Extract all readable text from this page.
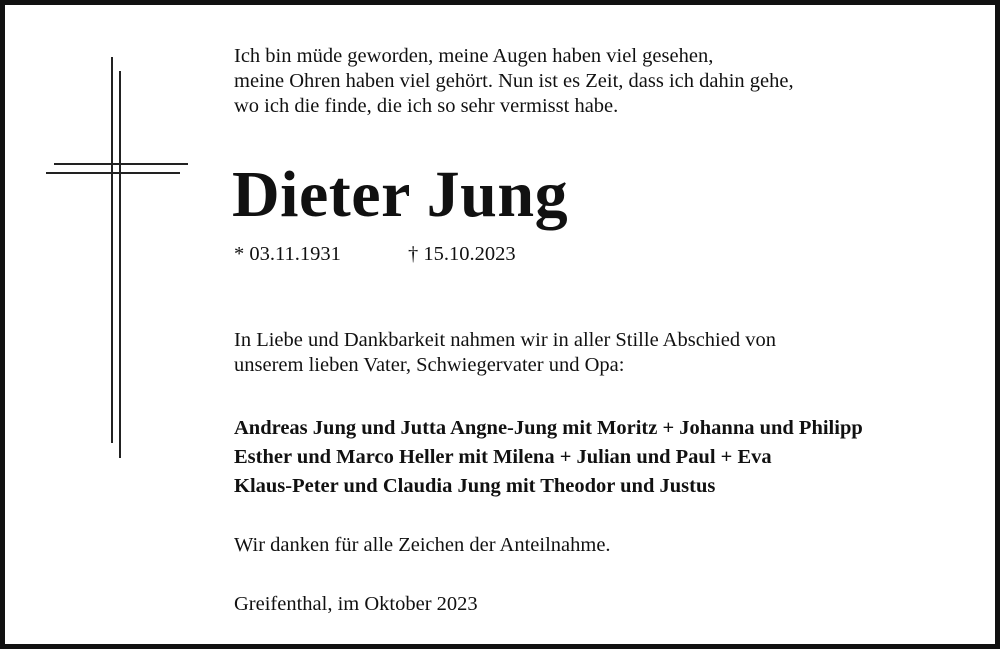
Ich bin müde geworden, meine Augen haben viel gesehen,
meine Ohren haben viel gehört. Nun ist es Zeit, dass ich dahin gehe,
wo ich die finde, die ich so sehr vermisst habe.
Dieter Jung
* 03.11.1931	† 15.10.2023
In Liebe und Dankbarkeit nahmen wir in aller Stille Abschied von
unserem lieben Vater, Schwiegervater und Opa:
Andreas Jung und Jutta Angne-Jung mit Moritz + Johanna und Philipp
Esther und Marco Heller mit Milena + Julian und Paul + Eva
Klaus-Peter und Claudia Jung mit Theodor und Justus
Wir danken für alle Zeichen der Anteilnahme.
Greifenthal, im Oktober 2023
